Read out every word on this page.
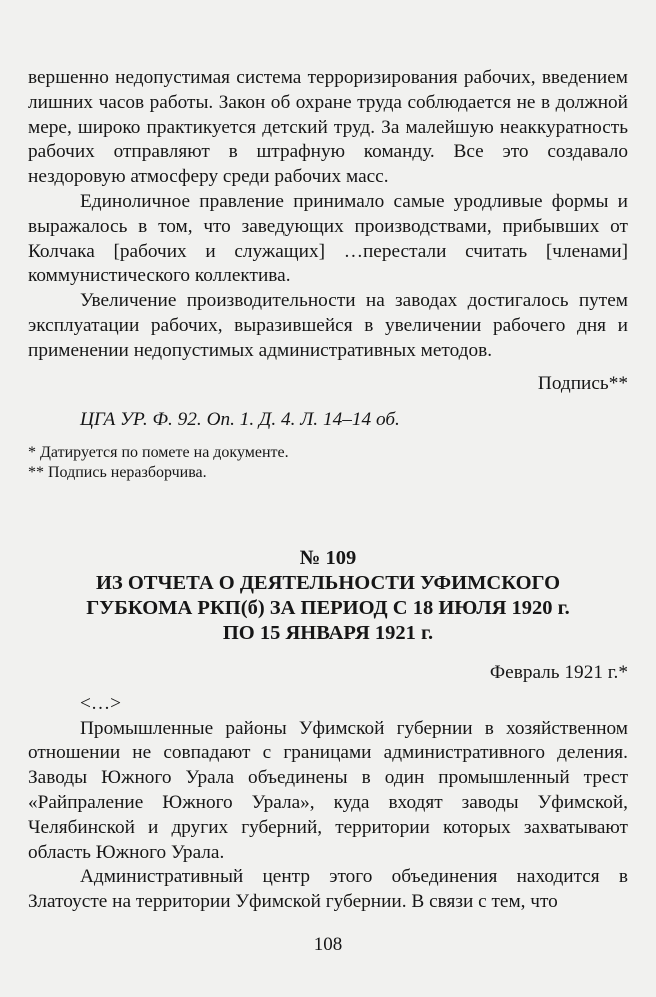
вершенно недопустимая система терроризирования рабочих, введением лишних часов работы. Закон об охране труда соблюдается не в должной мере, широко практикуется детский труд. За малейшую неаккуратность рабочих отправляют в штрафную команду. Все это создавало нездоровую атмосферу среди рабочих масс.

Единоличное правление принимало самые уродливые формы и выражалось в том, что заведующих производствами, прибывших от Колчака [рабочих и служащих] …перестали считать [членами] коммунистического коллектива.

Увеличение производительности на заводах достигалось путем эксплуатации рабочих, выразившейся в увеличении рабочего дня и применении недопустимых административных методов.

Подпись**

ЦГА УР. Ф. 92. Оп. 1. Д. 4. Л. 14–14 об.

* Датируется по помете на документе.

** Подпись неразборчива.

№ 109

ИЗ ОТЧЕТА О ДЕЯТЕЛЬНОСТИ УФИМСКОГО

ГУБКОМА РКП(б) ЗА ПЕРИОД С 18 ИЮЛЯ 1920 г.

ПО 15 ЯНВАРЯ 1921 г.

Февраль 1921 г.*

<…>

Промышленные районы Уфимской губернии в хозяйственном отношении не совпадают с границами административного деления. Заводы Южного Урала объединены в один промышленный трест «Райпраление Южного Урала», куда входят заводы Уфимской, Челябинской и других губерний, территории которых захватывают область Южного Урала.

Административный центр этого объединения находится в Златоусте на территории Уфимской губернии. В связи с тем, что

108
